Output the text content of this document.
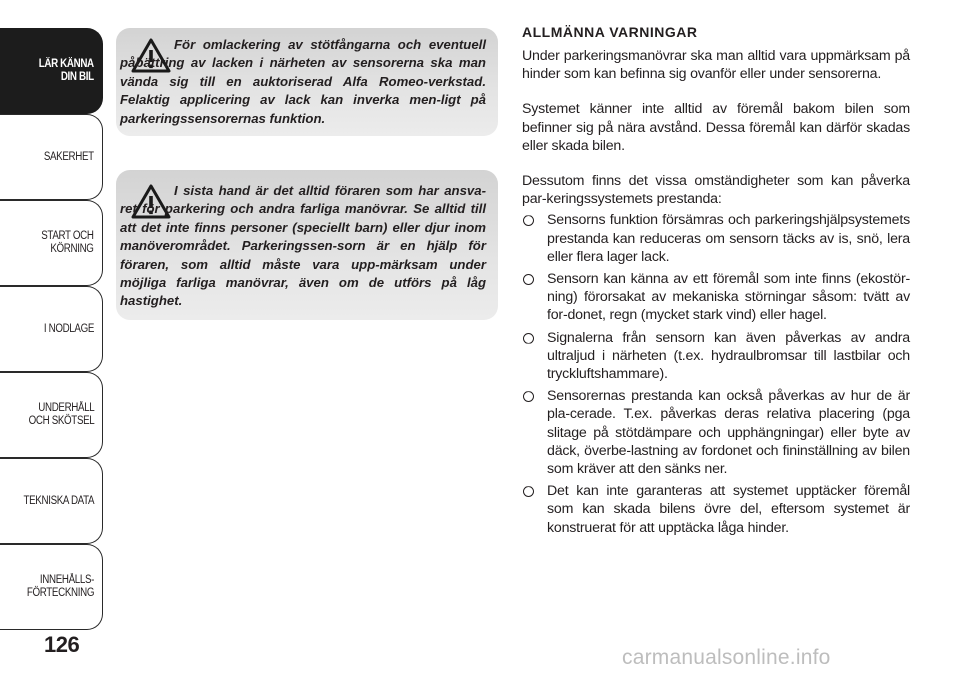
LÄR KÄNNA
DIN BIL
SÄKERHET
START OCH
KÖRNING
I NÖDLÄGE
UNDERHÅLL
OCH SKÖTSEL
TEKNISKA DATA
INNEHÅLLS-
FÖRTECKNING
126
För omlackering av stötfångarna och eventuell påbättring av lacken i närheten av sensorerna ska man vända sig till en auktoriserad Alfa Romeo-verkstad. Felaktig applicering av lack kan inverka men-ligt på parkeringssensorernas funktion.
I sista hand är det alltid föraren som har ansva-ret för parkering och andra farliga manövrar. Se alltid till att det inte finns personer (speciellt barn) eller djur inom manöverområdet. Parkeringssen-sorn är en hjälp för föraren, som alltid måste vara upp-märksam under möjliga farliga manövrar, även om de utförs på låg hastighet.
ALLMÄNNA VARNINGAR

Under parkeringsmanövrar ska man alltid vara uppmärksam på hinder som kan befinna sig ovanför eller under sensorerna.

Systemet känner inte alltid av föremål bakom bilen som befinner sig på nära avstånd. Dessa föremål kan därför skadas eller skada bilen.

Dessutom finns det vissa omständigheter som kan påverka par-keringssystemets prestanda:

Sensorns funktion försämras och parkeringshjälpsystemets prestanda kan reduceras om sensorn täcks av is, snö, lera eller flera lager lack.
Sensorn kan känna av ett föremål som inte finns (ekostör-ning) förorsakat av mekaniska störningar såsom: tvätt av for-donet, regn (mycket stark vind) eller hagel.
Signalerna från sensorn kan även påverkas av andra ultraljud i närheten (t.ex. hydraulbromsar till lastbilar och tryckluftshammare).
Sensorernas prestanda kan också påverkas av hur de är pla-cerade. T.ex. påverkas deras relativa placering (pga slitage på stötdämpare och upphängningar) eller byte av däck, överbe-lastning av fordonet och fininställning av bilen som kräver att den sänks ner.
Det kan inte garanteras att systemet upptäcker föremål som kan skada bilens övre del, eftersom systemet är konstruerat för att upptäcka låga hinder.
carmanualsonline.info
